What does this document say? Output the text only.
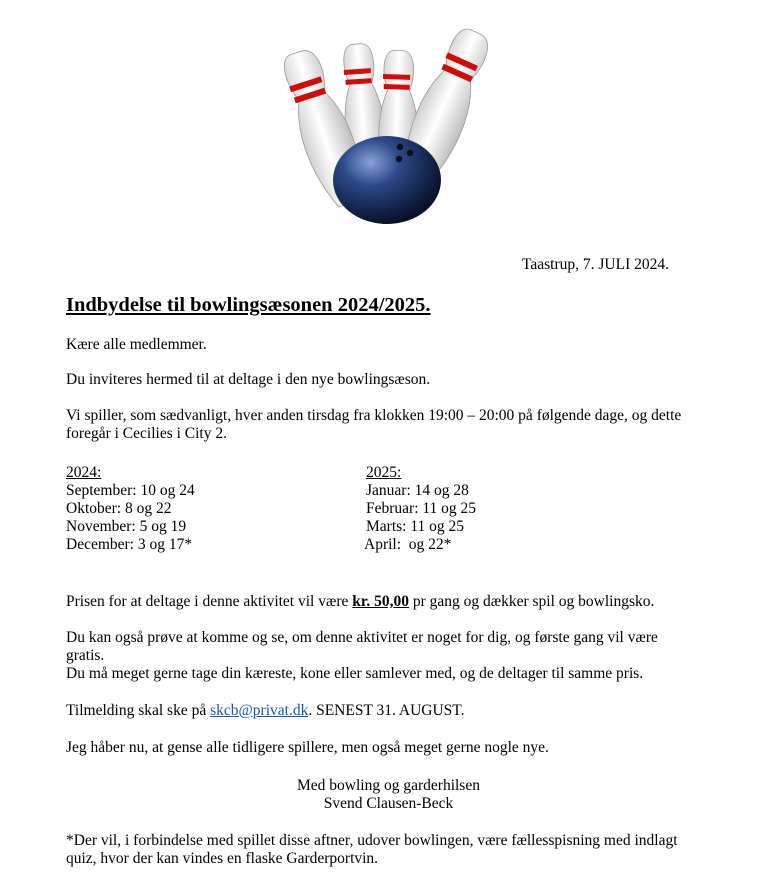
Taastrup, 7. JULI 2024.
Indbydelse til bowlingsæsonen 2024/2025.
Kære alle medlemmer.
Du inviteres hermed til at deltage i den nye bowlingsæson.
Vi spiller, som sædvanligt, hver anden tirsdag fra klokken 19:00 – 20:00 på følgende dage, og dette
foregår i Cecilies i City 2.
2024:
September: 10 og 24
Oktober: 8 og 22
November: 5 og 19
December: 3 og 17*
2025:
Januar: 14 og 28
Februar: 11 og 25
Marts: 11 og 25
April:  og 22*
Prisen for at deltage i denne aktivitet vil være kr. 50,00 pr gang og dækker spil og bowlingsko.
Du kan også prøve at komme og se, om denne aktivitet er noget for dig, og første gang vil være
gratis.
Du må meget gerne tage din kæreste, kone eller samlever med, og de deltager til samme pris.
Tilmelding skal ske på skcb@privat.dk. SENEST 31. AUGUST.
Jeg håber nu, at gense alle tidligere spillere, men også meget gerne nogle nye.
Med bowling og garderhilsen
Svend Clausen-Beck
*Der vil, i forbindelse med spillet disse aftner, udover bowlingen, være fællesspisning med indlagt
quiz, hvor der kan vindes en flaske Garderportvin.
